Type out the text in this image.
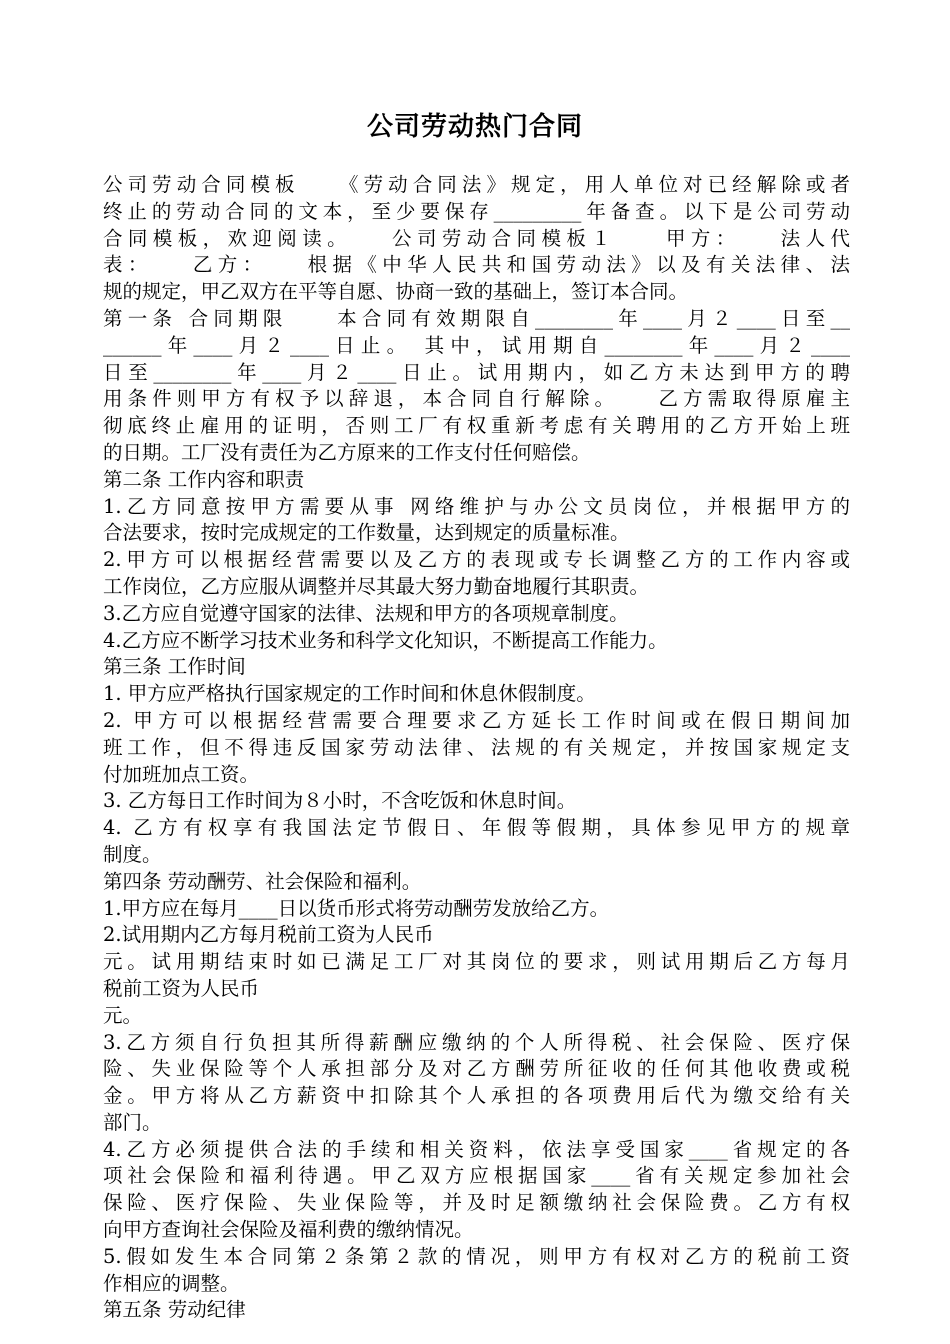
公司劳动热门合同
公司劳动合同模板　　《劳动合同法》规定，用人单位对已经解除或者
终止的劳动合同的文本，至少要保存_________年备查。以下是公司劳动
合同模板，欢迎阅读。　　公司劳动合同模板１　　甲方：　　法人代
表：　　乙方：　　根据《中华人民共和国劳动法》以及有关法律、法
规的规定，甲乙双方在平等自愿、协商一致的基础上，签订本合同。
第一条 合同期限　　本合同有效期限自________年____月２____日至__
______年____月２____日止。 其中，试用期自________年____月２____
日至________年____月２____日止。试用期内，如乙方未达到甲方的聘
用条件则甲方有权予以辞退，本合同自行解除。　　乙方需取得原雇主
彻底终止雇用的证明，否则工厂有权重新考虑有关聘用的乙方开始上班
的日期。工厂没有责任为乙方原来的工作支付任何赔偿。
第二条 工作内容和职责
1.乙方同意按甲方需要从事 网络维护与办公文员岗位，并根据甲方的
合法要求，按时完成规定的工作数量，达到规定的质量标准。
2.甲方可以根据经营需要以及乙方的表现或专长调整乙方的工作内容或
工作岗位，乙方应服从调整并尽其最大努力勤奋地履行其职责。
3.乙方应自觉遵守国家的法律、法规和甲方的各项规章制度。
4.乙方应不断学习技术业务和科学文化知识，不断提高工作能力。
第三条 工作时间
1. 甲方应严格执行国家规定的工作时间和休息休假制度。
2. 甲方可以根据经营需要合理要求乙方延长工作时间或在假日期间加
班工作，但不得违反国家劳动法律、法规的有关规定，并按国家规定支
付加班加点工资。
3. 乙方每日工作时间为８小时，不含吃饭和休息时间。
4. 乙方有权享有我国法定节假日、年假等假期，具体参见甲方的规章
制度。
第四条 劳动酬劳、社会保险和福利。
1.甲方应在每月____日以货币形式将劳动酬劳发放给乙方。
2.试用期内乙方每月税前工资为人民币
元。试用期结束时如已满足工厂对其岗位的要求，则试用期后乙方每月
税前工资为人民币
元。
3.乙方须自行负担其所得薪酬应缴纳的个人所得税、社会保险、医疗保
险、失业保险等个人承担部分及对乙方酬劳所征收的任何其他收费或税
金。甲方将从乙方薪资中扣除其个人承担的各项费用后代为缴交给有关
部门。
4.乙方必须提供合法的手续和相关资料，依法享受国家____省规定的各
项社会保险和福利待遇。甲乙双方应根据国家____省有关规定参加社会
保险、医疗保险、失业保险等，并及时足额缴纳社会保险费。乙方有权
向甲方查询社会保险及福利费的缴纳情况。
5.假如发生本合同第２条第２款的情况，则甲方有权对乙方的税前工资
作相应的调整。
第五条 劳动纪律
